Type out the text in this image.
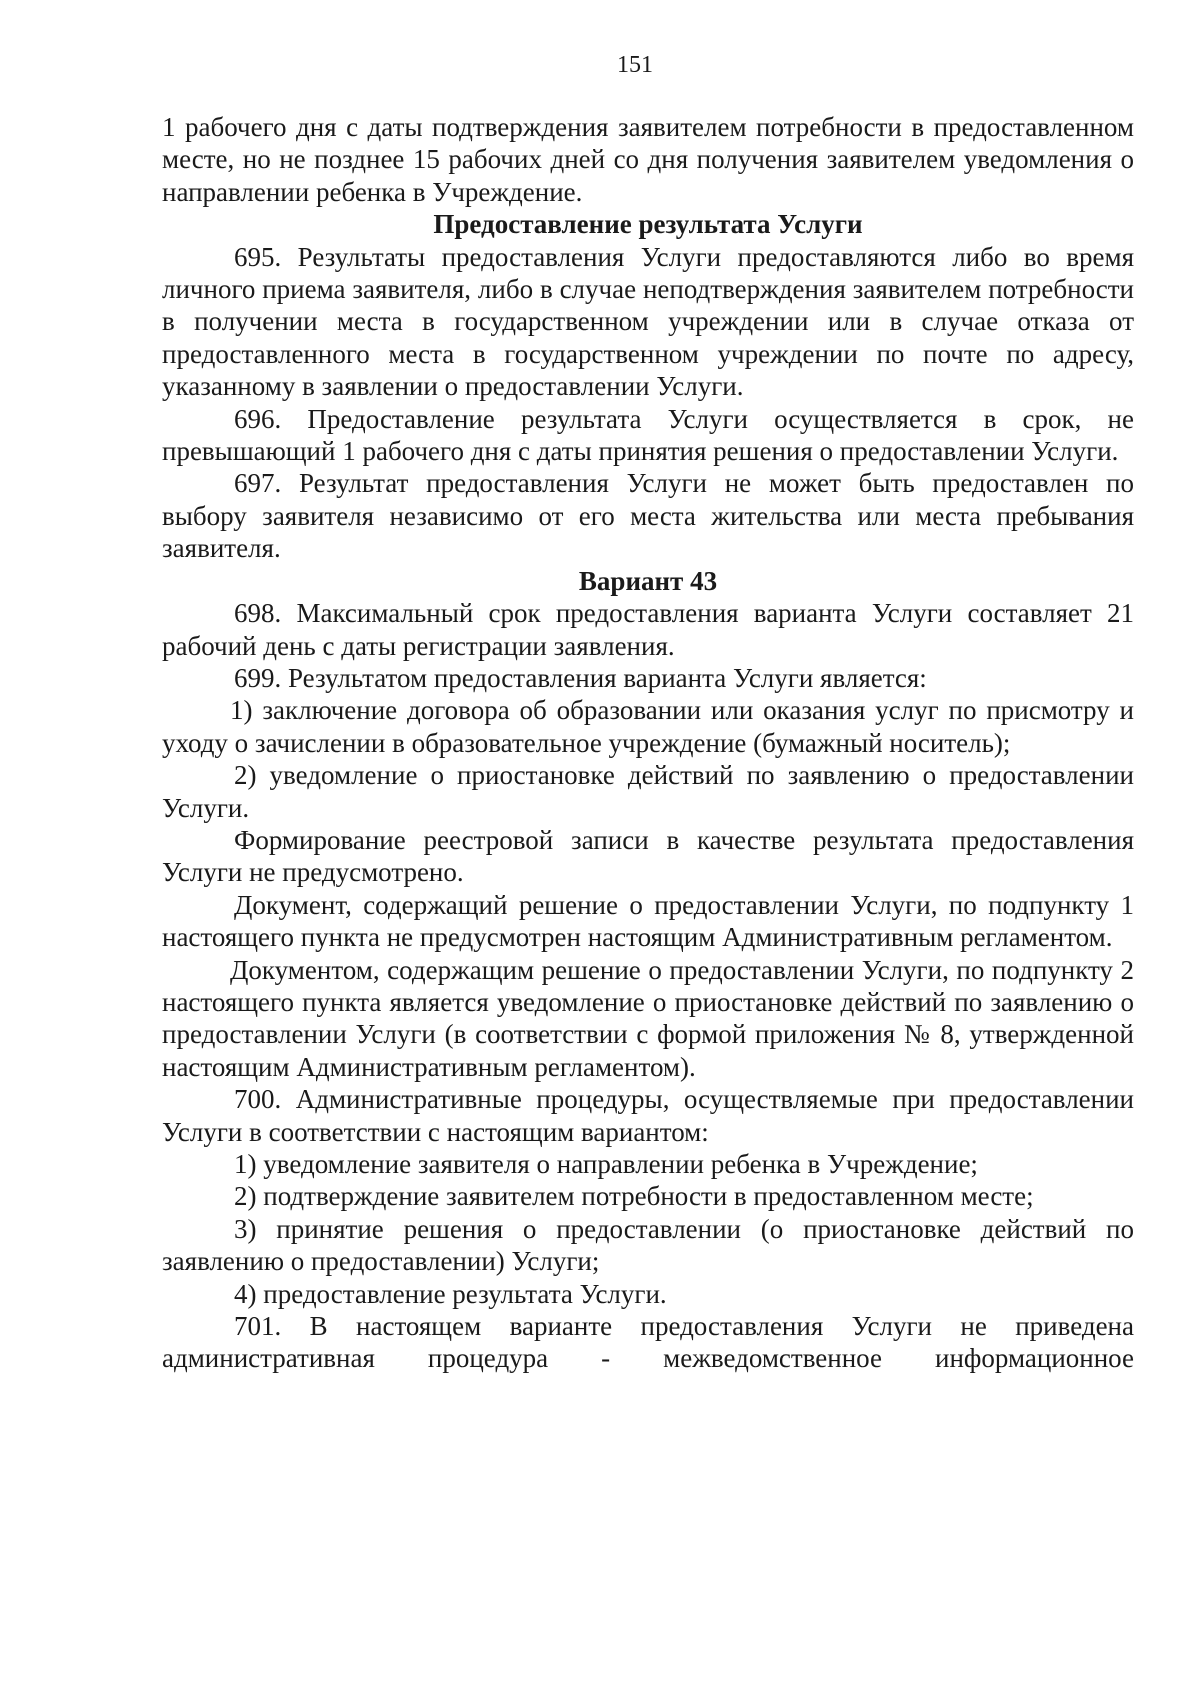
151

1 рабочего дня с даты подтверждения заявителем потребности в предоставленном месте, но не позднее 15 рабочих дней со дня получения заявителем уведомления о направлении ребенка в Учреждение.

Предоставление результата Услуги

695. Результаты предоставления Услуги предоставляются либо во время личного приема заявителя, либо в случае неподтверждения заявителем потребности в получении места в государственном учреждении или в случае отказа от предоставленного места в государственном учреждении по почте по адресу, указанному в заявлении о предоставлении Услуги.

696. Предоставление результата Услуги осуществляется в срок, не превышающий 1 рабочего дня с даты принятия решения о предоставлении Услуги.

697. Результат предоставления Услуги не может быть предоставлен по выбору заявителя независимо от его места жительства или места пребывания заявителя.

Вариант 43

698. Максимальный срок предоставления варианта Услуги составляет 21 рабочий день с даты регистрации заявления.

699. Результатом предоставления варианта Услуги является:

1) заключение договора об образовании или оказания услуг по присмотру и уходу о зачислении в образовательное учреждение (бумажный носитель);

2) уведомление о приостановке действий по заявлению о предоставлении Услуги.

Формирование реестровой записи в качестве результата предоставления Услуги не предусмотрено.

Документ, содержащий решение о предоставлении Услуги, по подпункту 1 настоящего пункта не предусмотрен настоящим Административным регламентом.

Документом, содержащим решение о предоставлении Услуги, по подпункту 2 настоящего пункта является уведомление о приостановке действий по заявлению о предоставлении Услуги (в соответствии с формой приложения № 8, утвержденной настоящим Административным регламентом).

700. Административные процедуры, осуществляемые при предоставлении Услуги в соответствии с настоящим вариантом:

1) уведомление заявителя о направлении ребенка в Учреждение;

2) подтверждение заявителем потребности в предоставленном месте;

3) принятие решения о предоставлении (о приостановке действий по заявлению о предоставлении) Услуги;

4) предоставление результата Услуги.

701. В настоящем варианте предоставления Услуги не приведена административная процедура - межведомственное информационное
